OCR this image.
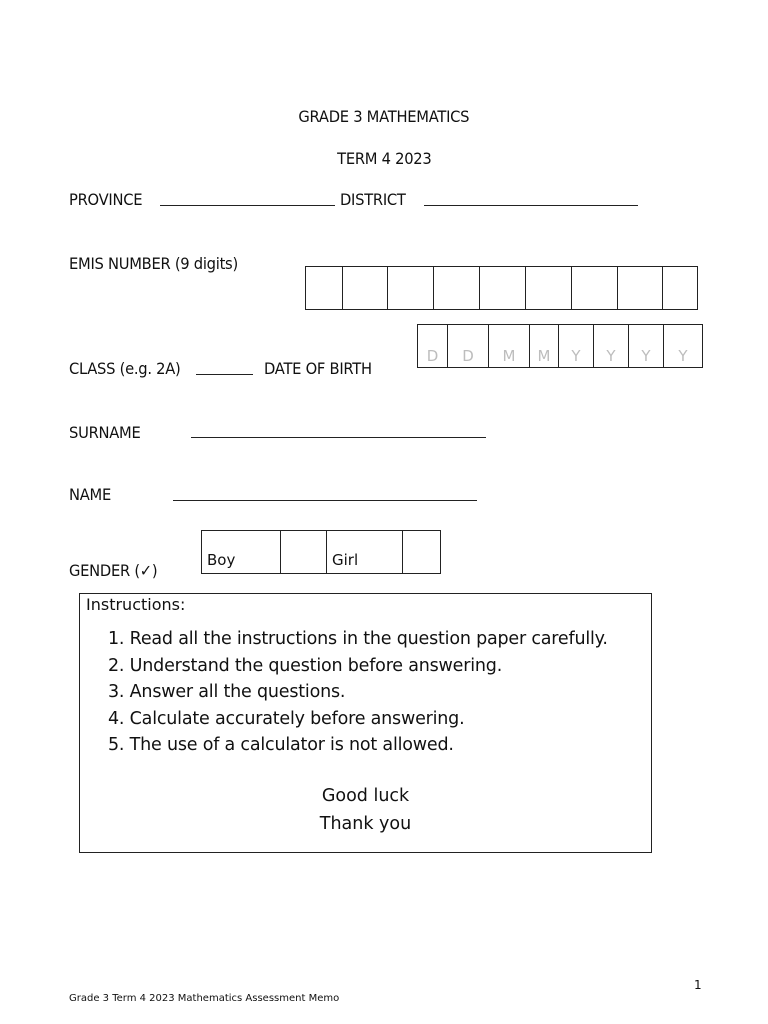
GRADE 3 MATHEMATICS
TERM 4 2023
PROVINCE	DISTRICT
EMIS NUMBER (9 digits)
D D M M Y Y Y Y
CLASS (e.g. 2A)	DATE OF BIRTH
SURNAME
NAME
Boy	Girl
GENDER (✓)
Instructions:
1. Read all the instructions in the question paper carefully.
2. Understand the question before answering.
3. Answer all the questions.
4. Calculate accurately before answering.
5. The use of a calculator is not allowed.
Good luck
Thank you
1
Grade 3 Term 4 2023 Mathematics Assessment Memo
